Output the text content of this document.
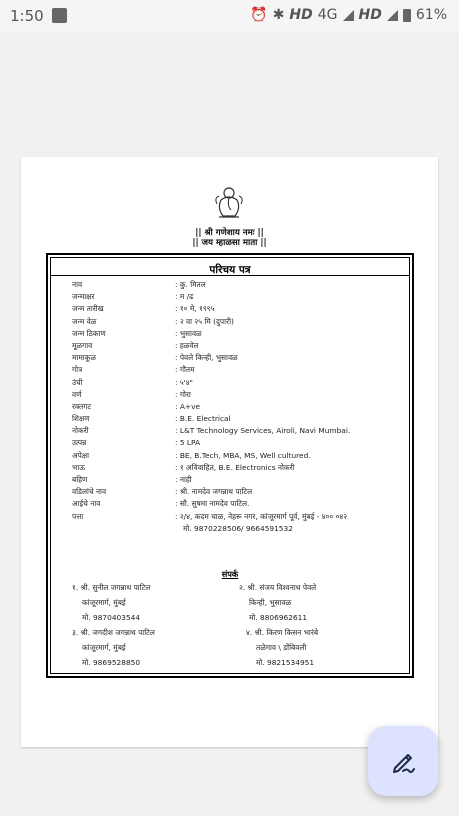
1:50	⏰ ✱ HD 4G HD 61%
|| श्री गणेशाय नमः ||
|| जय म्हाळसा माता ||
परिचय पत्र
नाव	: कु. मितल
जन्माक्षर	: म /ढ
जन्म तारीख	: १० मे, १९९५
जन्म वेळ	: २ वा २५ मि (दुपारी)
जन्म ठिकाण	: भुसावळ
मूळगाव	: हळवेल
मामाकूळ	: पेवले किन्ही, भुसावळ
गोत्र	: गौतम
उंची	: ५'४"
वर्ण	: गोरा
रक्तगट	: A+ve
शिक्षण	: B.E. Electrical
नोकरी	: L&T Technology Services, Airoli, Navi Mumbai.
उत्पन्न	: 5 LPA
अपेक्षा	: BE, B.Tech, MBA, MS, Well cultured.
भाऊ	: १ अविवाहित, B.E. Electronics नोकरी
बहिण	: नाही
वडिलांचे नाव	: श्री. नामदेव जगन्नाथ पाटिल
आईचे नाव	: सौ. सुषमा नामदेव पाटिल.
पत्ता	: २/४, कदम चाळ, नेहरू नगर, कांजूरमार्ग पूर्व, मुंबई - ४०० ०४२
मो. 9870228506/ 9664591532
संपर्क
१. श्री. सुनील जगन्नाथ पाटिल
कांजूरमार्ग, मुंबई
मो. 9870403544
२. श्री. संजय विश्वनाथ पेवले
किन्ही, भुसावळ
मो. 8806962611
३. श्री. जगदीश जगन्नाथ पाटिल
कांजूरमार्ग, मुंबई
मो. 9869528850
४. श्री. किरण किसन भारंबे
तळेगाव \ डोंबिवली
मो. 9821534951
